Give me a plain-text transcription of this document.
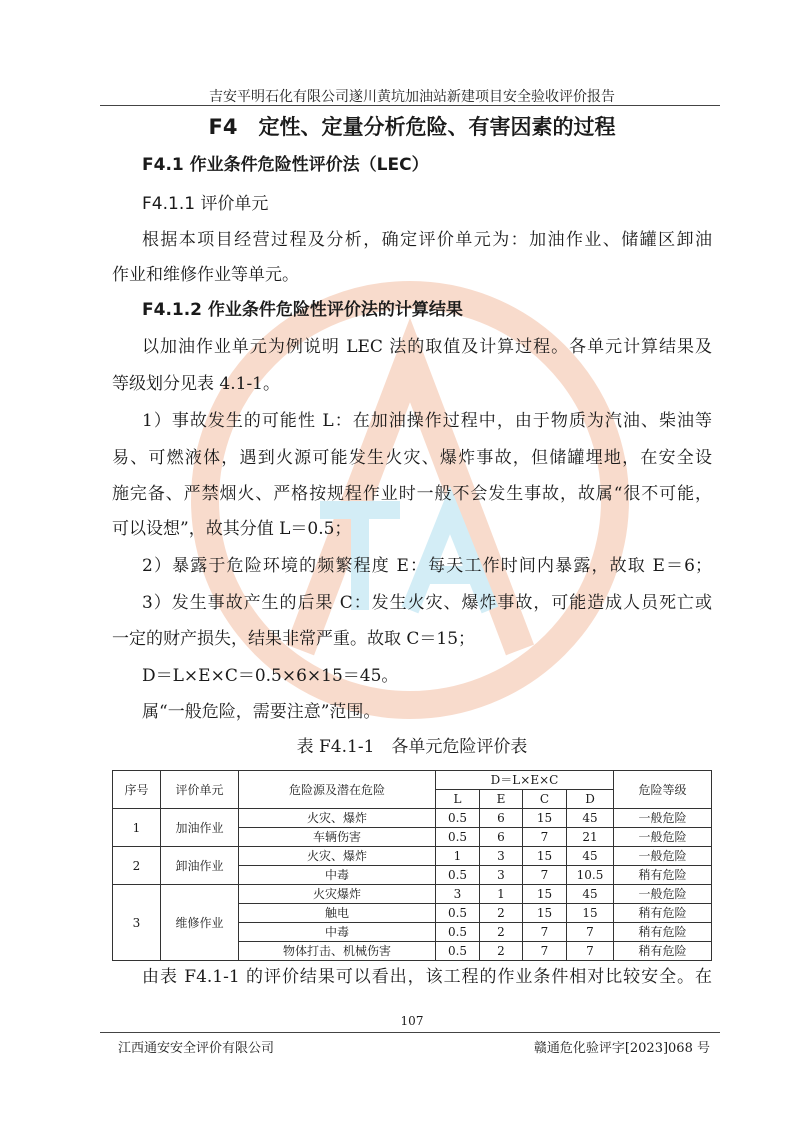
吉安平明石化有限公司遂川黄坑加油站新建项目安全验收评价报告
F4　定性、定量分析危险、有害因素的过程
F4.1 作业条件危险性评价法（LEC）
F4.1.1 评价单元
根据本项目经营过程及分析，确定评价单元为：加油作业、储罐区卸油
作业和维修作业等单元。
F4.1.2 作业条件危险性评价法的计算结果
以加油作业单元为例说明 LEC 法的取值及计算过程。各单元计算结果及
等级划分见表 4.1-1。
1）事故发生的可能性 L：在加油操作过程中，由于物质为汽油、柴油等
易、可燃液体，遇到火源可能发生火灾、爆炸事故，但储罐埋地，在安全设
施完备、严禁烟火、严格按规程作业时一般不会发生事故，故属“很不可能，
可以设想”，故其分值 L＝0.5；
2）暴露于危险环境的频繁程度 E：每天工作时间内暴露，故取 E＝6；
3）发生事故产生的后果 C：发生火灾、爆炸事故，可能造成人员死亡或
一定的财产损失，结果非常严重。故取 C＝15；
D＝L×E×C＝0.5×6×15＝45。
属“一般危险，需要注意”范围。
表 F4.1-1　各单元危险评价表
序号	评价单元	危险源及潜在危险	D＝L×E×C				危险等级
			L	E	C	D	
1	加油作业	火灾、爆炸	0.5	6	15	45	一般危险
		车辆伤害	0.5	6	7	21	一般危险
2	卸油作业	火灾、爆炸	1	3	15	45	一般危险
		中毒	0.5	3	7	10.5	稍有危险
3	维修作业	火灾爆炸	3	1	15	45	一般危险
		触电	0.5	2	15	15	稍有危险
		中毒	0.5	2	7	7	稍有危险
		物体打击、机械伤害	0.5	2	7	7	稍有危险
由表 F4.1-1 的评价结果可以看出，该工程的作业条件相对比较安全。在
107
江西通安安全评价有限公司	赣通危化验评字[2023]068 号
